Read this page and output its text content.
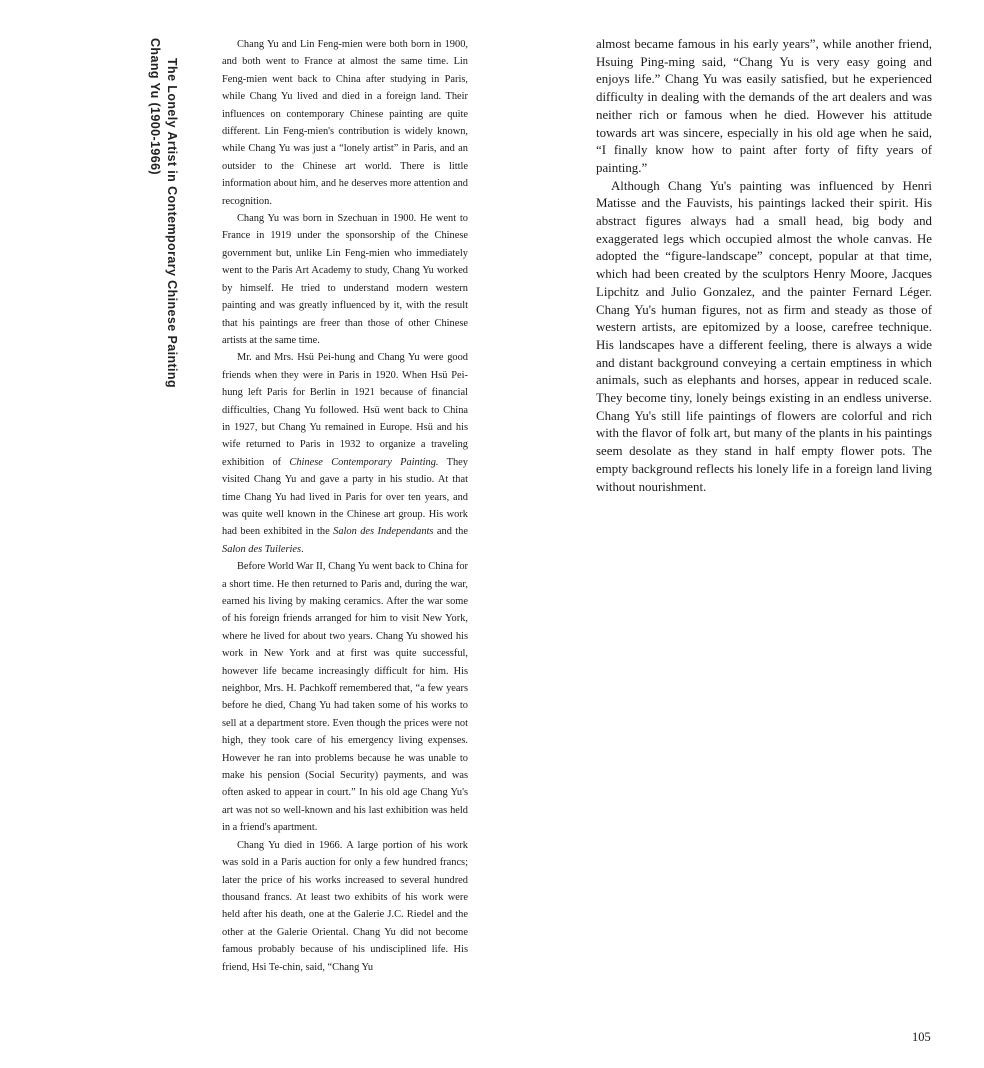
Chang Yu (1900-1966) The Lonely Artist in Contemporary Chinese Painting

Chang Yu and Lin Feng-mien were both born in 1900, and both went to France at almost the same time. Lin Feng-mien went back to China after studying in Paris, while Chang Yu lived and died in a foreign land. Their influences on contemporary Chinese painting are quite different. Lin Feng-mien's contribution is widely known, while Chang Yu was just a “lonely artist” in Paris, and an outsider to the Chinese art world. There is little information about him, and he deserves more attention and recognition.

Chang Yu was born in Szechuan in 1900. He went to France in 1919 under the sponsorship of the Chinese government but, unlike Lin Feng-mien who immediately went to the Paris Art Academy to study, Chang Yu worked by himself. He tried to understand modern western painting and was greatly influenced by it, with the result that his paintings are freer than those of other Chinese artists at the same time.

Mr. and Mrs. Hsü Pei-hung and Chang Yu were good friends when they were in Paris in 1920. When Hsü Pei-hung left Paris for Berlin in 1921 because of financial difficulties, Chang Yu followed. Hsü went back to China in 1927, but Chang Yu remained in Europe. Hsü and his wife returned to Paris in 1932 to organize a traveling exhibition of Chinese Contemporary Painting. They visited Chang Yu and gave a party in his studio. At that time Chang Yu had lived in Paris for over ten years, and was quite well known in the Chinese art group. His work had been exhibited in the Salon des Independants and the Salon des Tuileries.

Before World War II, Chang Yu went back to China for a short time. He then returned to Paris and, during the war, earned his living by making ceramics. After the war some of his foreign friends arranged for him to visit New York, where he lived for about two years. Chang Yu showed his work in New York and at first was quite successful, however life became increasingly difficult for him. His neighbor, Mrs. H. Pachkoff remembered that, “a few years before he died, Chang Yu had taken some of his works to sell at a department store. Even though the prices were not high, they took care of his emergency living expenses. However he ran into problems because he was unable to make his pension (Social Security) payments, and was often asked to appear in court.” In his old age Chang Yu's art was not so well-known and his last exhibition was held in a friend's apartment.

Chang Yu died in 1966. A large portion of his work was sold in a Paris auction for only a few hundred francs; later the price of his works increased to several hundred thousand francs. At least two exhibits of his work were held after his death, one at the Galerie J.C. Riedel and the other at the Galerie Oriental. Chang Yu did not become famous probably because of his undisciplined life. His friend, Hsi Te-chin, said, “Chang Yu

almost became famous in his early years”, while another friend, Hsuing Ping-ming said, “Chang Yu is very easy going and enjoys life.” Chang Yu was easily satisfied, but he experienced difficulty in dealing with the demands of the art dealers and was neither rich or famous when he died. However his attitude towards art was sincere, especially in his old age when he said, “I finally know how to paint after forty of fifty years of painting.”

Although Chang Yu's painting was influenced by Henri Matisse and the Fauvists, his paintings lacked their spirit. His abstract figures always had a small head, big body and exaggerated legs which occupied almost the whole canvas. He adopted the “figure-landscape” concept, popular at that time, which had been created by the sculptors Henry Moore, Jacques Lipchitz and Julio Gonzalez, and the painter Fernard Léger. Chang Yu's human figures, not as firm and steady as those of western artists, are epitomized by a loose, carefree technique. His landscapes have a different feeling, there is always a wide and distant background conveying a certain emptiness in which animals, such as elephants and horses, appear in reduced scale. They become tiny, lonely beings existing in an endless universe. Chang Yu's still life paintings of flowers are colorful and rich with the flavor of folk art, but many of the plants in his paintings seem desolate as they stand in half empty flower pots. The empty background reflects his lonely life in a foreign land living without nourishment.

105
